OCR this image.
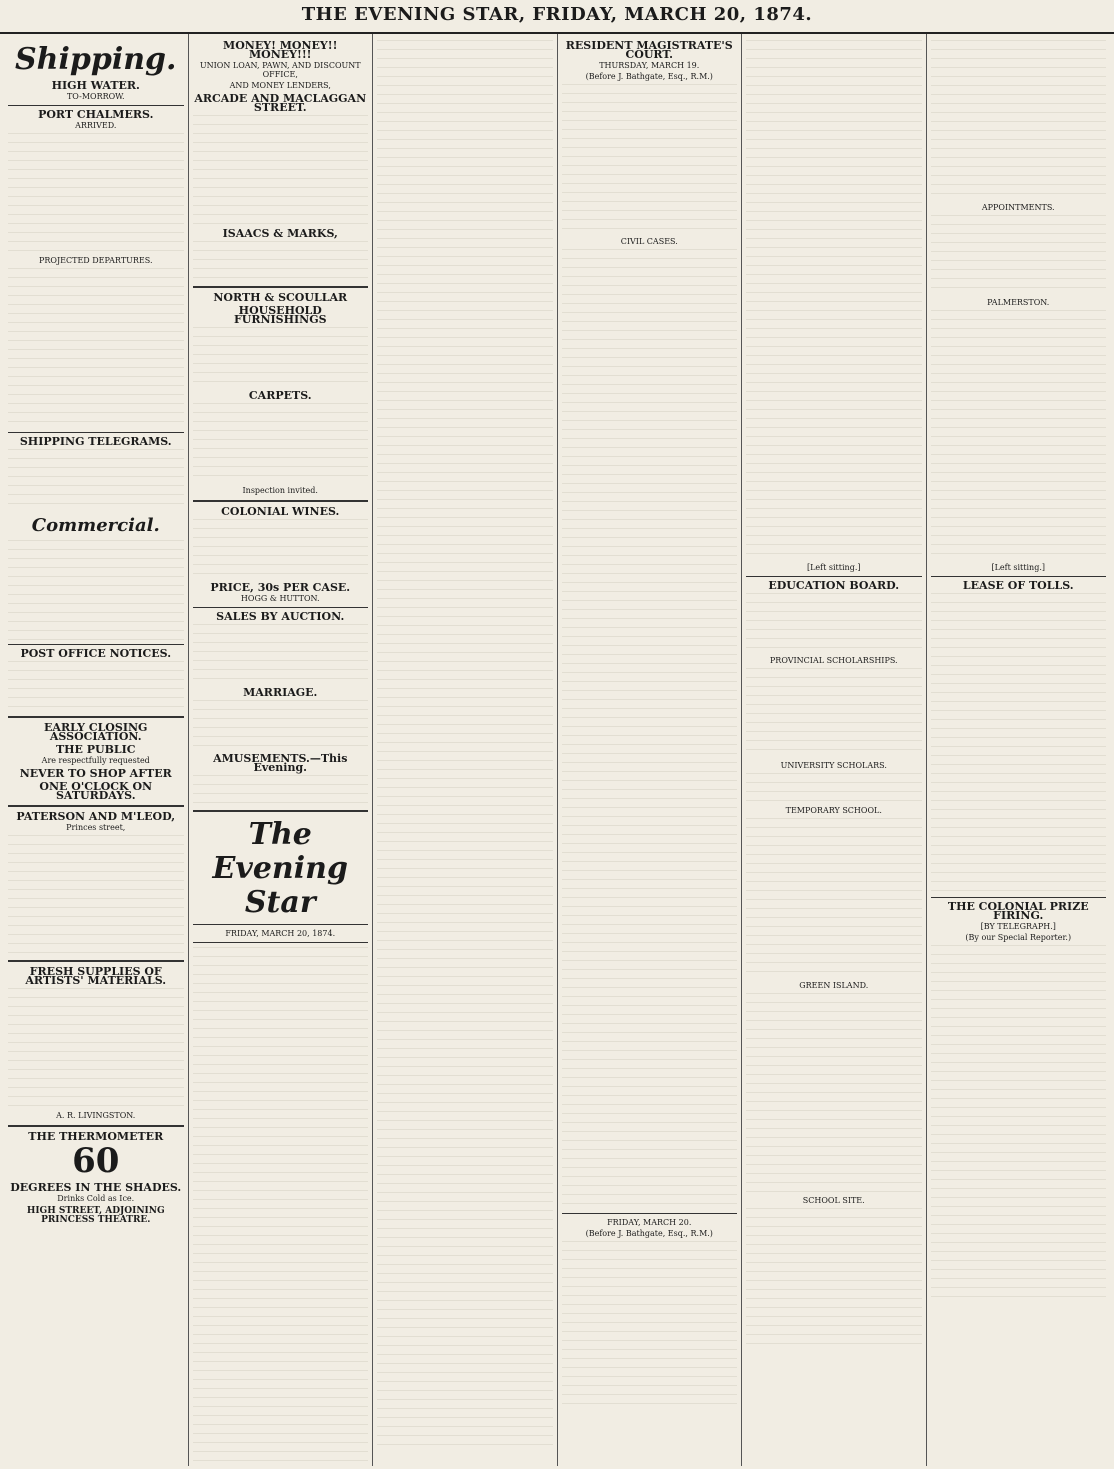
THE EVENING STAR, FRIDAY, MARCH 20, 1874.
Shipping.
HIGH WATER.
TO-MORROW.
PORT CHALMERS.
ARRIVED.
PROJECTED DEPARTURES.
SHIPPING TELEGRAMS.
Commercial.
POST OFFICE NOTICES.
EARLY CLOSING ASSOCIATION.
THE PUBLIC
Are respectfully requested
NEVER TO SHOP AFTER
ONE O'CLOCK ON SATURDAYS.
PATERSON AND M'LEOD,
Princes street,
FRESH SUPPLIES OF ARTISTS' MATERIALS.
A. R. LIVINGSTON.
THE THERMOMETER
60
DEGREES IN THE SHADES.
Drinks Cold as Ice.
HIGH STREET, ADJOINING PRINCESS THEATRE.
MONEY! MONEY!! MONEY!!!
UNION LOAN, PAWN, AND DISCOUNT OFFICE,
AND MONEY LENDERS,
ARCADE AND MACLAGGAN STREET.
ISAACS & MARKS,
NORTH & SCOULLAR
HOUSEHOLD FURNISHINGS
CARPETS.
Inspection invited.
COLONIAL WINES.
PRICE, 30s PER CASE.
HOGG & HUTTON.
SALES BY AUCTION.
MARRIAGE.
AMUSEMENTS.—This Evening.
The Evening Star
FRIDAY, MARCH 20, 1874.
RESIDENT MAGISTRATE'S COURT.
THURSDAY, MARCH 19.
(Before J. Bathgate, Esq., R.M.)
CIVIL CASES.
FRIDAY, MARCH 20.
(Before J. Bathgate, Esq., R.M.)
[Left sitting.]
EDUCATION BOARD.
PROVINCIAL SCHOLARSHIPS.
UNIVERSITY SCHOLARS.
TEMPORARY SCHOOL.
GREEN ISLAND.
SCHOOL SITE.
APPOINTMENTS.
PALMERSTON.
[Left sitting.]
LEASE OF TOLLS.
THE COLONIAL PRIZE FIRING.
[BY TELEGRAPH.]
(By our Special Reporter.)
